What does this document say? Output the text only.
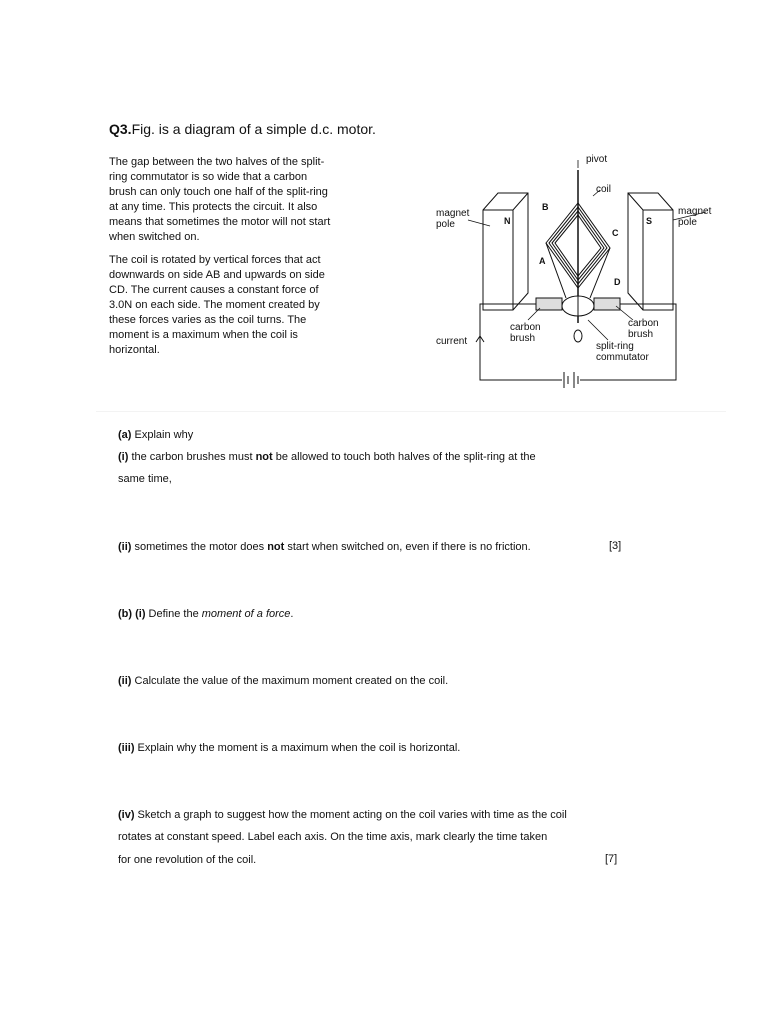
Q3.Fig. is a diagram of a simple d.c. motor.

The gap between the two halves of the split-
ring commutator is so wide that a carbon
brush can only touch one half of the split-ring
at any time. This protects the circuit. It also
means that sometimes the motor will not start
when switched on.

The coil is rotated by vertical forces that act
downwards on side AB and upwards on side
CD. The current causes a constant force of
3.0N on each side. The moment created by
these forces varies as the coil turns. The
moment is a maximum when the coil is
horizontal.

pivot
coil
magnet
pole
magnet
pole
N	S
B
C
A
D
carbon
brush
carbon
brush
split-ring
commutator
current

(a) Explain why

(i) the carbon brushes must not be allowed to touch both halves of the split-ring at the

same time,

(ii) sometimes the motor does not start when switched on, even if there is no friction.	[3]

(b) (i) Define the moment of a force.

(ii) Calculate the value of the maximum moment created on the coil.

(iii) Explain why the moment is a maximum when the coil is horizontal.

(iv) Sketch a graph to suggest how the moment acting on the coil varies with time as the coil

rotates at constant speed. Label each axis. On the time axis, mark clearly the time taken

for one revolution of the coil.	[7]
